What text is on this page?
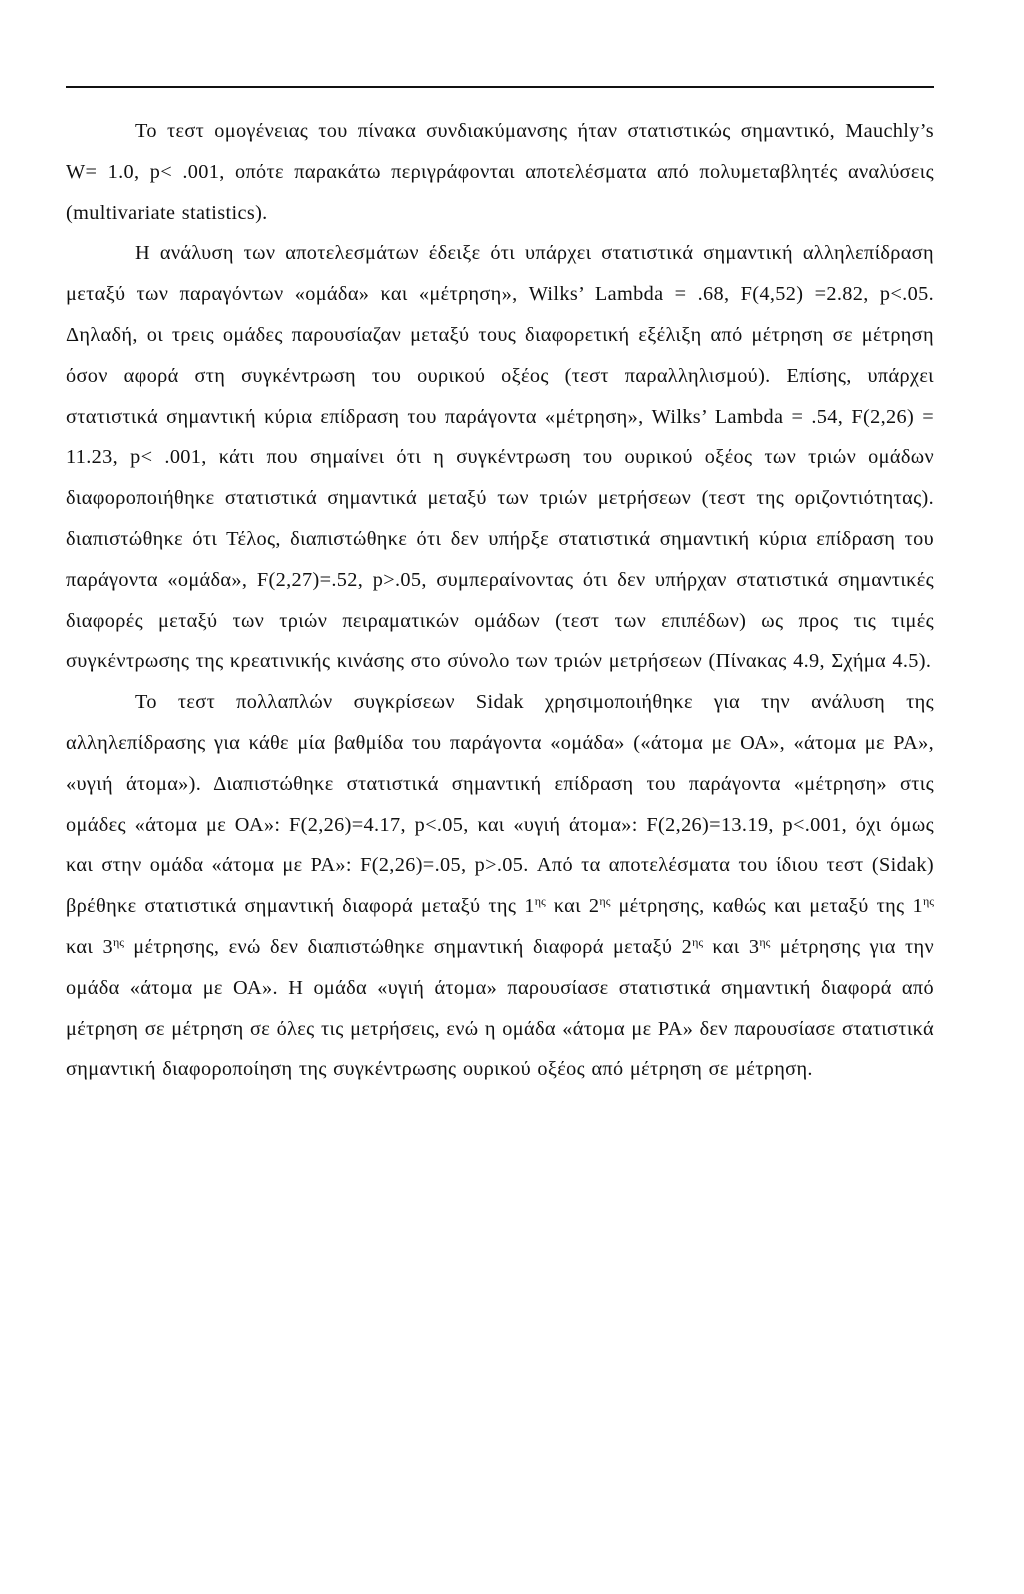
Το τεστ ομογένειας του πίνακα συνδιακύμανσης ήταν στατιστικώς σημαντικό, Mauchly’s W= 1.0, p< .001, οπότε παρακάτω περιγράφονται αποτελέσματα από πολυμεταβλητές αναλύσεις (multivariate statistics).

Η ανάλυση των αποτελεσμάτων έδειξε ότι υπάρχει στατιστικά σημαντική αλληλεπίδραση μεταξύ των παραγόντων «ομάδα» και «μέτρηση», Wilks’ Lambda = .68, F(4,52) =2.82, p<.05. Δηλαδή, οι τρεις ομάδες παρουσίαζαν μεταξύ τους διαφορετική εξέλιξη από μέτρηση σε μέτρηση όσον αφορά στη συγκέντρωση του ουρικού οξέος (τεστ παραλληλισμού). Επίσης, υπάρχει στατιστικά σημαντική κύρια επίδραση του παράγοντα «μέτρηση», Wilks’ Lambda = .54, F(2,26) = 11.23, p< .001, κάτι που σημαίνει ότι η συγκέντρωση του ουρικού οξέος των τριών ομάδων διαφοροποιήθηκε στατιστικά σημαντικά μεταξύ των τριών μετρήσεων (τεστ της οριζοντιότητας). διαπιστώθηκε ότι Τέλος, διαπιστώθηκε ότι δεν υπήρξε στατιστικά σημαντική κύρια επίδραση του παράγοντα «ομάδα», F(2,27)=.52, p>.05, συμπεραίνοντας ότι δεν υπήρχαν στατιστικά σημαντικές διαφορές μεταξύ των τριών πειραματικών ομάδων (τεστ των επιπέδων) ως προς τις τιμές συγκέντρωσης της κρεατινικής κινάσης στο σύνολο των τριών μετρήσεων (Πίνακας 4.9, Σχήμα 4.5).

Το τεστ πολλαπλών συγκρίσεων Sidak χρησιμοποιήθηκε για την ανάλυση της αλληλεπίδρασης για κάθε μία βαθμίδα του παράγοντα «ομάδα» («άτομα με ΟΑ», «άτομα με ΡΑ», «υγιή άτομα»). Διαπιστώθηκε στατιστικά σημαντική επίδραση του παράγοντα «μέτρηση» στις ομάδες «άτομα με ΟΑ»: F(2,26)=4.17, p<.05, και «υγιή άτομα»: F(2,26)=13.19, p<.001, όχι όμως και στην ομάδα «άτομα με ΡΑ»: F(2,26)=.05, p>.05. Από τα αποτελέσματα του ίδιου τεστ (Sidak) βρέθηκε στατιστικά σημαντική διαφορά μεταξύ της $1^{\eta\varsigma}$ και $2^{\eta\varsigma}$ μέτρησης, καθώς και μεταξύ της $1^{\eta\varsigma}$ και $3^{\eta\varsigma}$ μέτρησης, ενώ δεν διαπιστώθηκε σημαντική διαφορά μεταξύ $2^{\eta\varsigma}$ και $3^{\eta\varsigma}$ μέτρησης για την ομάδα «άτομα με ΟΑ». Η ομάδα «υγιή άτομα» παρουσίασε στατιστικά σημαντική διαφορά από μέτρηση σε μέτρηση σε όλες τις μετρήσεις, ενώ η ομάδα «άτομα με ΡΑ» δεν παρουσίασε στατιστικά σημαντική διαφοροποίηση της συγκέντρωσης ουρικού οξέος από μέτρηση σε μέτρηση.
